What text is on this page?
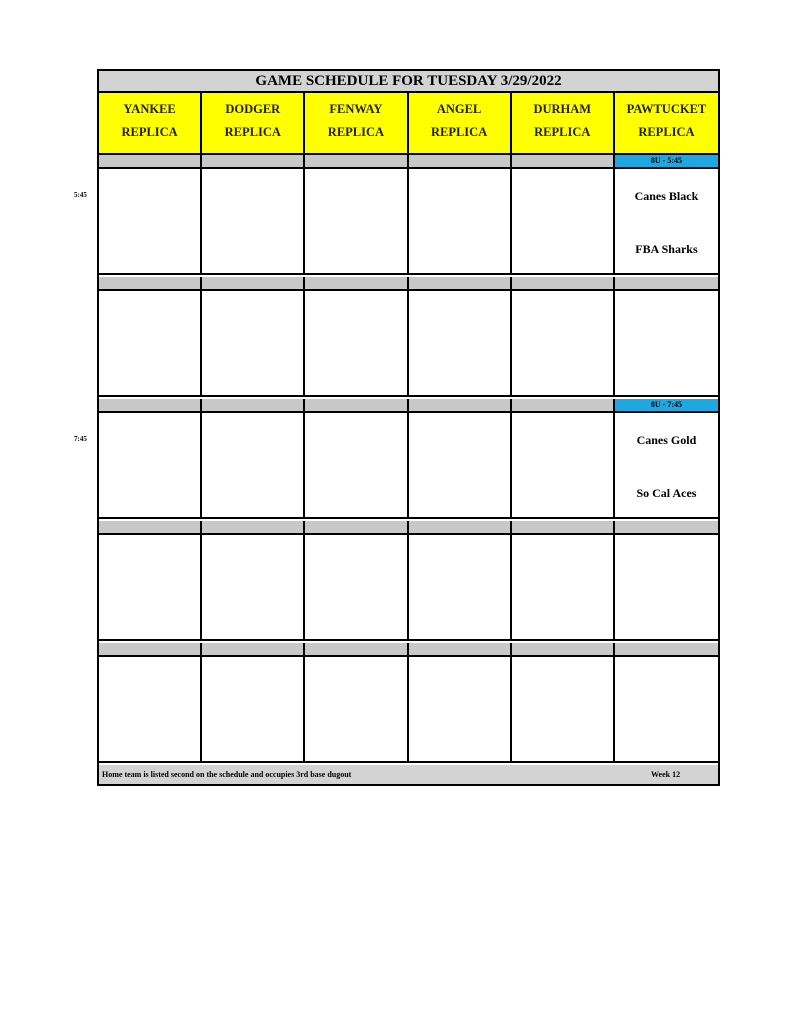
GAME SCHEDULE FOR TUESDAY 3/29/2022
YANKEE
REPLICA
DODGER
REPLICA
FENWAY
REPLICA
ANGEL
REPLICA
DURHAM
REPLICA
PAWTUCKET
REPLICA
8U - 5:45
Canes Black
FBA Sharks
8U - 7:45
Canes Gold
So Cal Aces
Home team is listed second on the schedule and occupies 3rd base dugout	Week 12
5:45
7:45
